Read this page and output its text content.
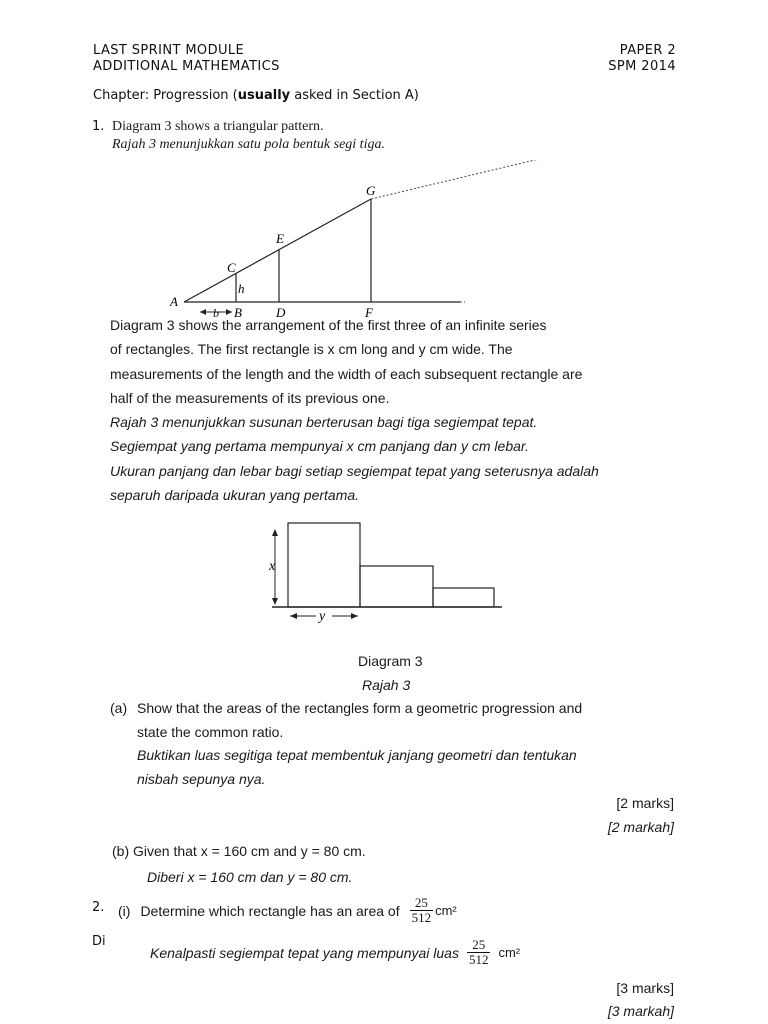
LAST SPRINT MODULE
ADDITIONAL MATHEMATICS
PAPER 2
SPM 2014
Chapter: Progression (usually asked in Section A)
1. Diagram 3 shows a triangular pattern.
Rajah 3 menunjukkan satu pola bentuk segi tiga.
A
B
C
D
E
F
G
h
b
Diagram 3 shows the arrangement of the first three of an infinite series
of rectangles. The first rectangle is x cm long and y cm wide. The
measurements of the length and the width of each subsequent rectangle are
half of the measurements of its previous one.
Rajah 3 menunjukkan susunan berterusan bagi tiga segiempat tepat.
Segiempat yang pertama mempunyai x cm panjang dan y cm lebar.
Ukuran panjang dan lebar bagi setiap segiempat tepat yang seterusnya adalah
separuh daripada ukuran yang pertama.
x
y
Diagram 3
Rajah 3
(a) Show that the areas of the rectangles form a geometric progression and
state the common ratio.
Buktikan luas segitiga tepat membentuk janjang geometri dan tentukan
nisbah sepunya nya.
[2 marks]
[2 markah]
(b) Given that x = 160 cm and y = 80 cm.
Diberi x = 160 cm dan y = 80 cm.
2. (i) Determine which rectangle has an area of $\frac{25}{512} cm^2$
Di
Kenalpasti segiempat tepat yang mempunyai luas $\frac{25}{512} cm^2$
[3 marks]
[3 markah]
